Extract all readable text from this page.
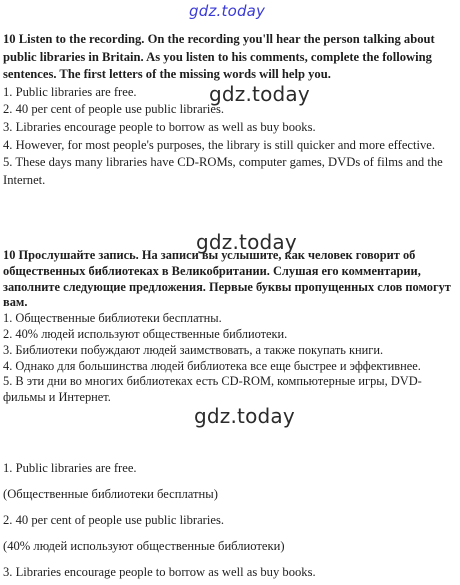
gdz.today
gdz.today
gdz.today
gdz.today

10 Listen to the recording. On the recording you'll hear the person talking about public libraries in Britain. As you listen to his comments, complete the following sentences. The first letters of the missing words will help you.

1. Public libraries are free.

2. 40 per cent of people use public libraries.

3. Libraries encourage people to borrow as well as buy books.

4. However, for most people's purposes, the library is still quicker and more effective.

5. These days many libraries have CD-ROMs, computer games, DVDs of films and the Internet.

10 Прослушайте запись. На записи вы услышите, как человек говорит об общественных библиотеках в Великобритании. Слушая его комментарии, заполните следующие предложения. Первые буквы пропущенных слов помогут вам.

1. Общественные библиотеки бесплатны.

2. 40% людей используют общественные библиотеки.

3. Библиотеки побуждают людей заимствовать, а также покупать книги.

4. Однако для большинства людей библиотека все еще быстрее и эффективнее.

5. В эти дни во многих библиотеках есть CD-ROM, компьютерные игры, DVD-фильмы и Интернет.

1. Public libraries are free.

(Общественные библиотеки бесплатны)

2. 40 per cent of people use public libraries.

(40% людей используют общественные библиотеки)

3. Libraries encourage people to borrow as well as buy books.
